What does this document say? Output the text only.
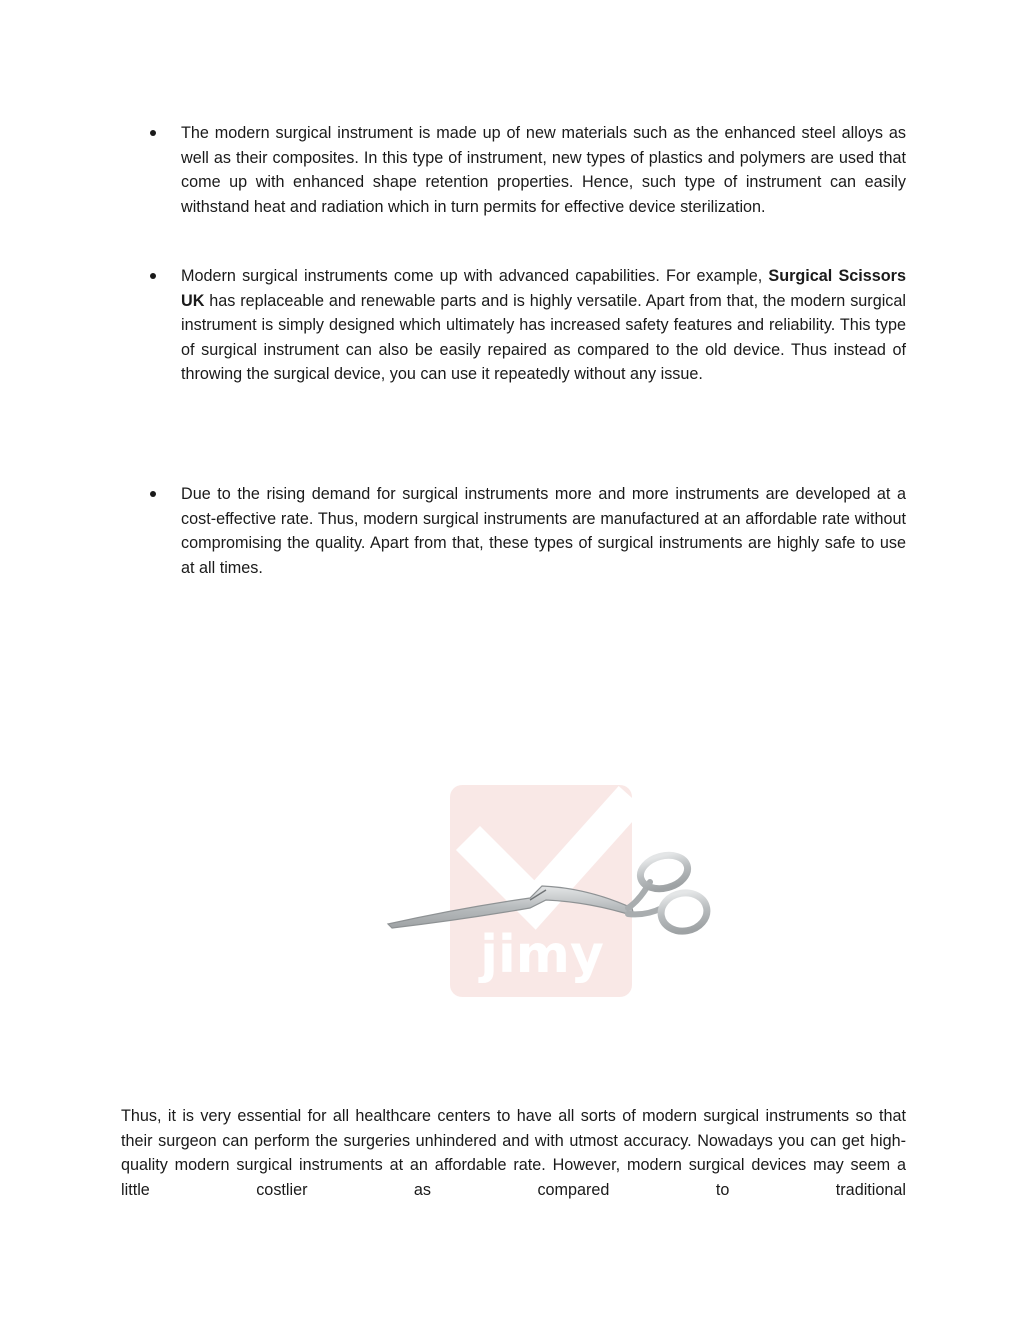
The modern surgical instrument is made up of new materials such as the enhanced steel alloys as well as their composites. In this type of instrument, new types of plastics and polymers are used that come up with enhanced shape retention properties. Hence, such type of instrument can easily withstand heat and radiation which in turn permits for effective device sterilization.

Modern surgical instruments come up with advanced capabilities. For example, Surgical Scissors UK has replaceable and renewable parts and is highly versatile. Apart from that, the modern surgical instrument is simply designed which ultimately has increased safety features and reliability. This type of surgical instrument can also be easily repaired as compared to the old device. Thus instead of throwing the surgical device, you can use it repeatedly without any issue.

Due to the rising demand for surgical instruments more and more instruments are developed at a cost-effective rate. Thus, modern surgical instruments are manufactured at an affordable rate without compromising the quality. Apart from that, these types of surgical instruments are highly safe to use at all times.

jimy

Thus, it is very essential for all healthcare centers to have all sorts of modern surgical instruments so that their surgeon can perform the surgeries unhindered and with utmost accuracy. Nowadays you can get high-quality modern surgical instruments at an affordable rate. However, modern surgical devices may seem a little costlier as compared to traditional
